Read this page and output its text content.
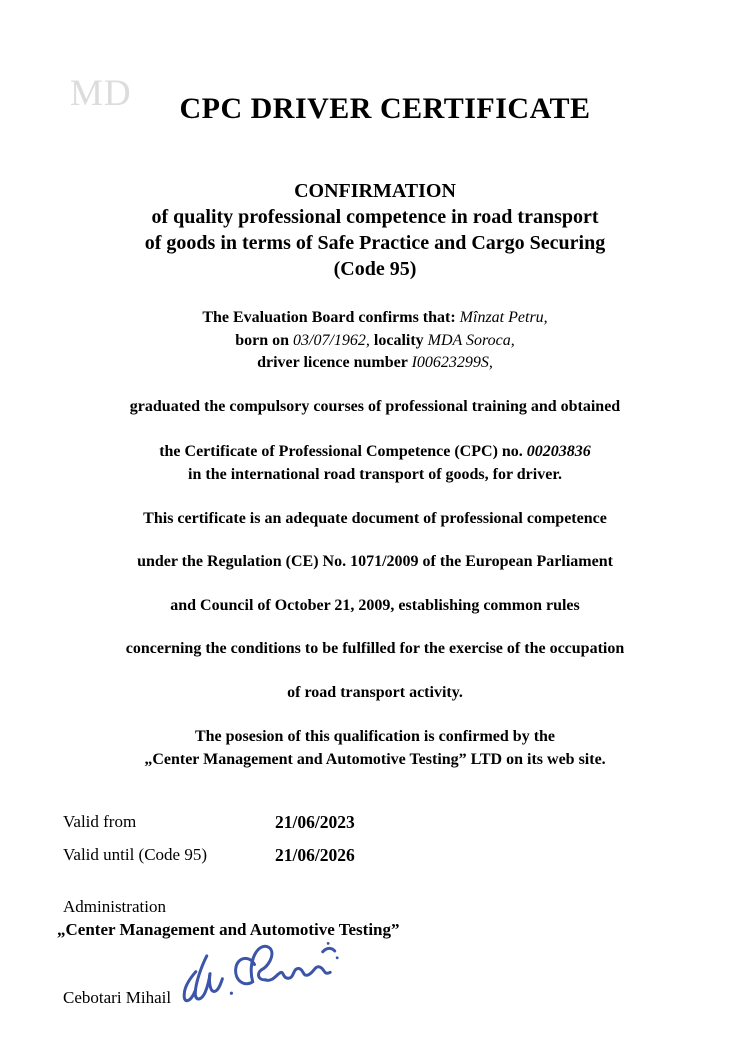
MD	CPC DRIVER CERTIFICATE
CONFIRMATION
of quality professional competence in road transport
of goods in terms of Safe Practice and Cargo Securing
(Code 95)
The Evaluation Board confirms that: Mînzat Petru,
born on 03/07/1962, locality MDA Soroca,
driver licence number I00623299S,
graduated the compulsory courses of professional training and obtained
the Certificate of Professional Competence (CPC) no. 00203836
in the international road transport of goods, for driver.
This certificate is an adequate document of professional competence
under the Regulation (CE) No. 1071/2009 of the European Parliament
and Council of October 21, 2009, establishing common rules
concerning the conditions to be fulfilled for the exercise of the occupation
of road transport activity.
The posesion of this qualification is confirmed by the
„Center Management and Automotive Testing” LTD on its web site.
Valid from	21/06/2023
Valid until (Code 95)	21/06/2026
Administration
„Center Management and Automotive Testing”
Cebotari Mihail
